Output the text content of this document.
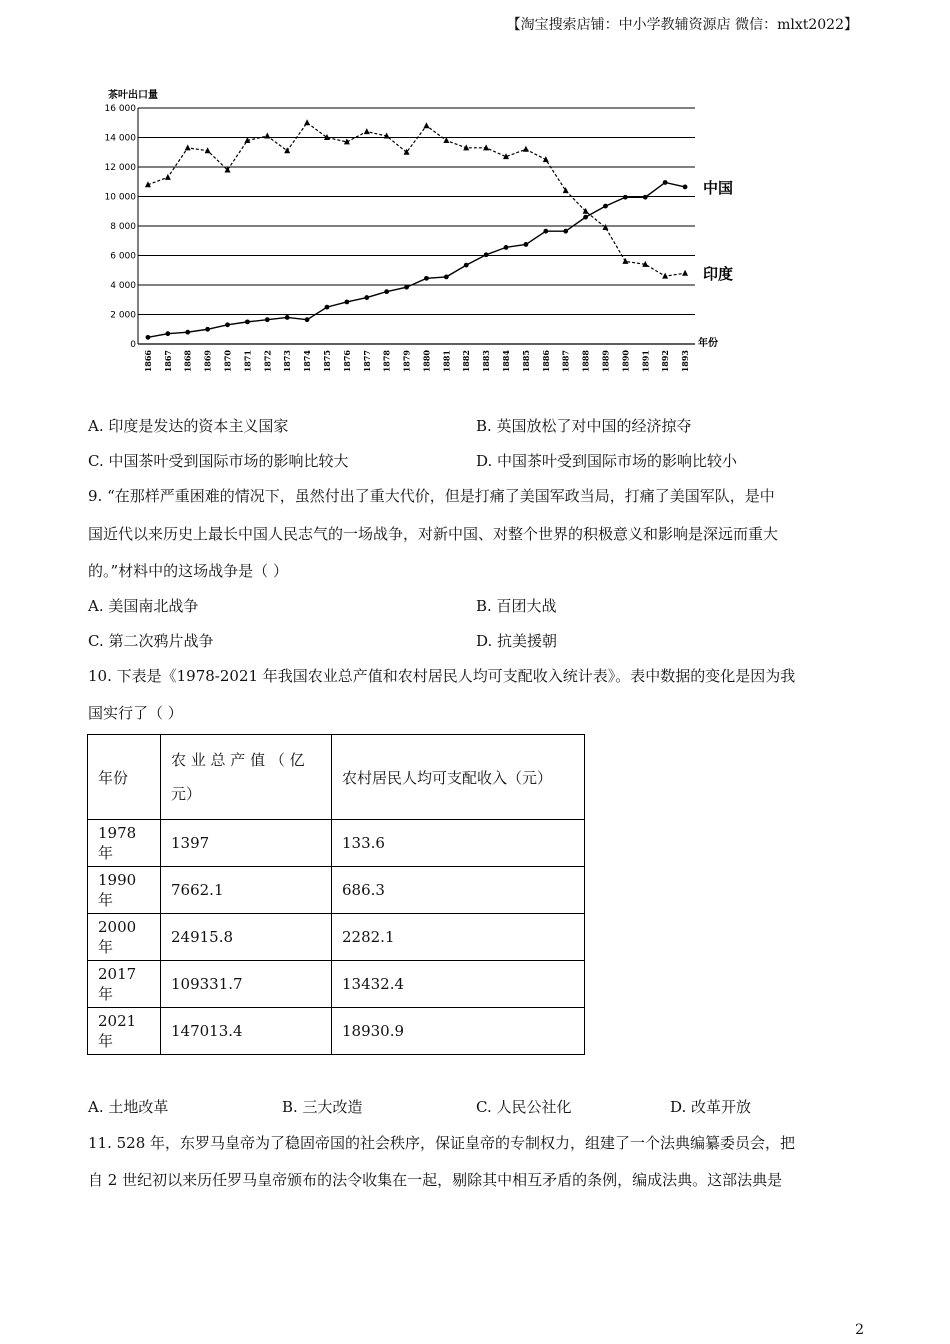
【淘宝搜索店铺：中小学教辅资源店 微信：mlxt2022】
16 000
14 000
12 000
10 000
8 000
6 000
4 000
2 000
0
茶叶出口量
年份
1866 1867 1868 1869 1870 1871 1872 1873 1874 1875 1876 1877 1878 1879 1880 1881 1882 1883 1884 1885 1886 1887 1888 1889 1890 1891 1892 1893
印度
中国
A. 印度是发达的资本主义国家	B. 英国放松了对中国的经济掠夺
C. 中国茶叶受到国际市场的影响比较大	D. 中国茶叶受到国际市场的影响比较小
9. “在那样严重困难的情况下，虽然付出了重大代价，但是打痛了美国军政当局，打痛了美国军队，是中
国近代以来历史上最长中国人民志气的一场战争，对新中国、对整个世界的积极意义和影响是深远而重大
的。”材料中的这场战争是（ ）
A. 美国南北战争	B. 百团大战
C. 第二次鸦片战争	D. 抗美援朝
10. 下表是《1978-2021 年我国农业总产值和农村居民人均可支配收入统计表》。表中数据的变化是因为我
国实行了（ ）
年份	农 业 总 产 值 （ 亿 元）	农村居民人均可支配收入（元）
1978 年	1397	133.6
1990 年	7662.1	686.3
2000 年	24915.8	2282.1
2017 年	109331.7	13432.4
2021 年	147013.4	18930.9
A. 土地改革	B. 三大改造	C. 人民公社化	D. 改革开放
11. 528 年，东罗马皇帝为了稳固帝国的社会秩序，保证皇帝的专制权力，组建了一个法典编纂委员会，把
自 2 世纪初以来历任罗马皇帝颁布的法令收集在一起，剔除其中相互矛盾的条例，编成法典。这部法典是
2
